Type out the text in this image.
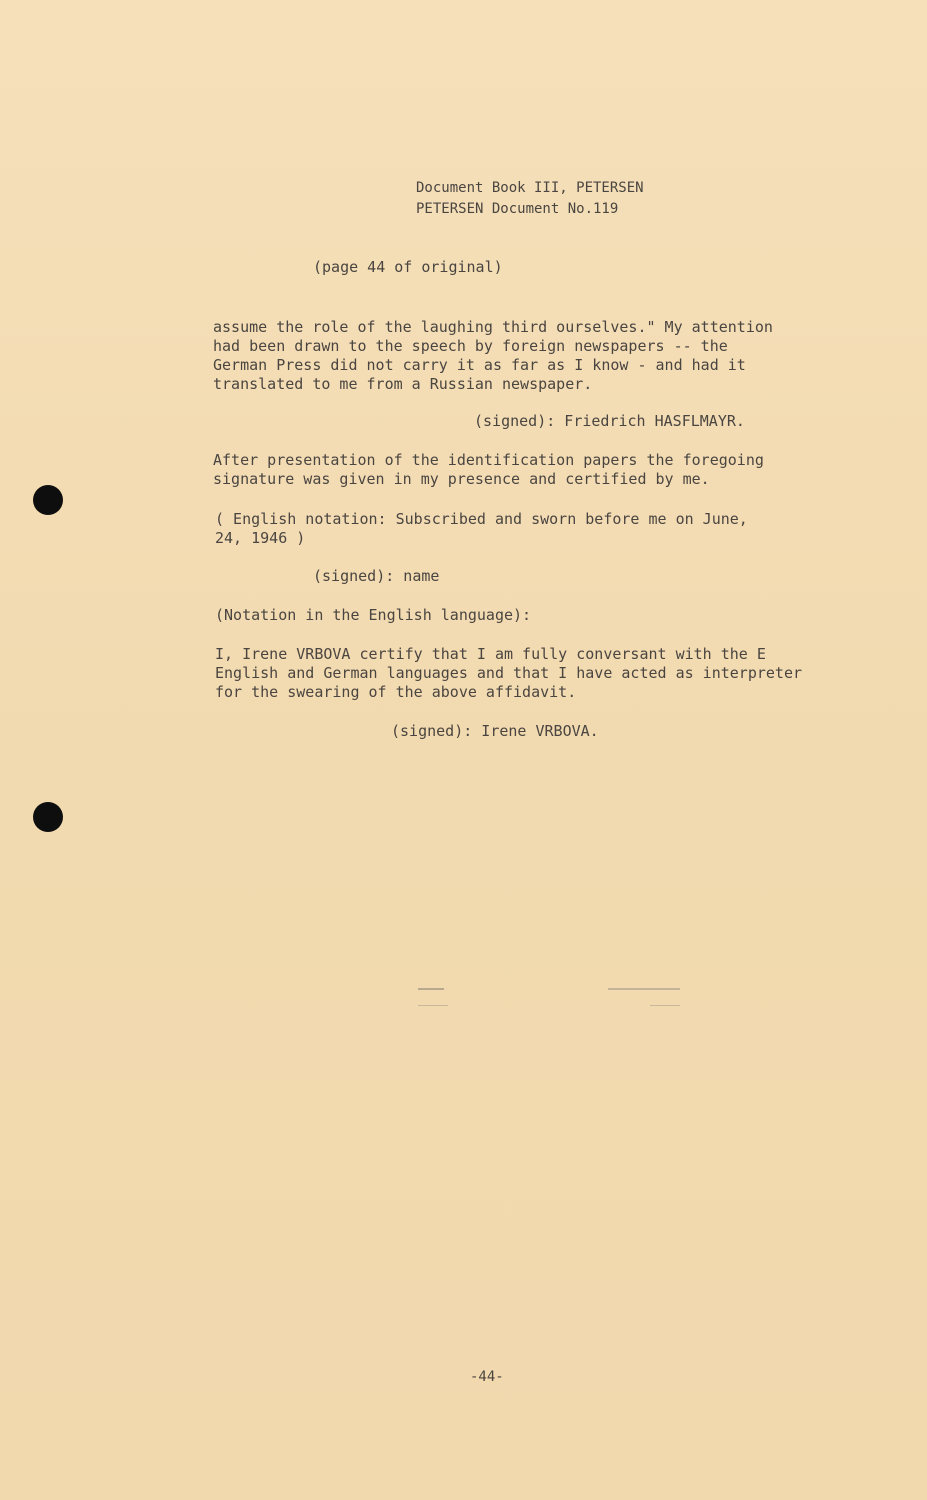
Document Book III, PETERSEN
PETERSEN Document No.119
(page 44 of original)
assume the role of the laughing third ourselves." My attention
had been drawn to the speech by foreign newspapers -- the
German Press did not carry it as far as I know - and had it
translated to me from a Russian newspaper.
(signed): Friedrich HASFLMAYR.
After presentation of the identification papers the foregoing
signature was given in my presence and certified by me.
( English notation: Subscribed and sworn before me on June,
24, 1946 )
(signed): name
(Notation in the English language):
I, Irene VRBOVA certify that I am fully conversant with the E
English and German languages and that I have acted as interpreter
for the swearing of the above affidavit.
(signed): Irene VRBOVA.
-44-
